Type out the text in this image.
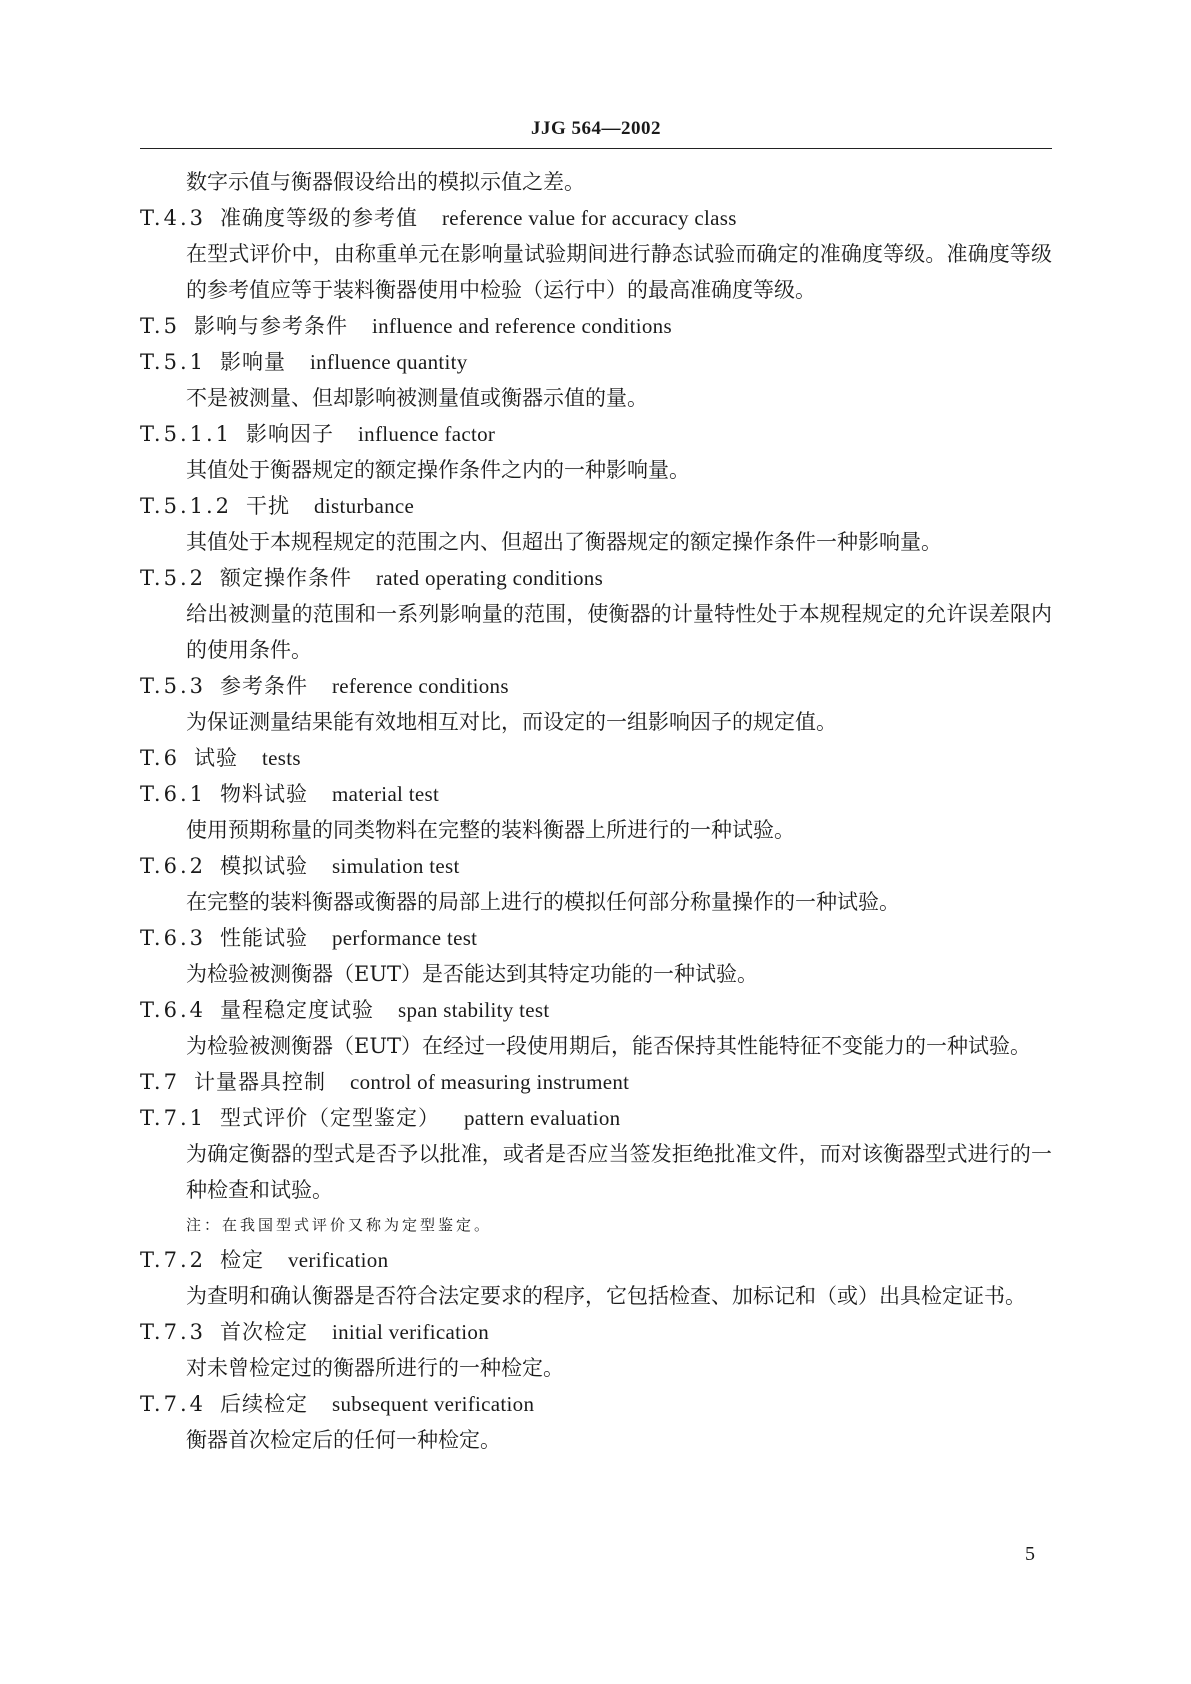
JJG 564—2002
数字示值与衡器假设给出的模拟示值之差。
T.4.3 准确度等级的参考值 reference value for accuracy class
在型式评价中，由称重单元在影响量试验期间进行静态试验而确定的准确度等级。准确度等级的参考值应等于装料衡器使用中检验（运行中）的最高准确度等级。
T.5 影响与参考条件 influence and reference conditions
T.5.1 影响量 influence quantity
不是被测量、但却影响被测量值或衡器示值的量。
T.5.1.1 影响因子 influence factor
其值处于衡器规定的额定操作条件之内的一种影响量。
T.5.1.2 干扰 disturbance
其值处于本规程规定的范围之内、但超出了衡器规定的额定操作条件一种影响量。
T.5.2 额定操作条件 rated operating conditions
给出被测量的范围和一系列影响量的范围，使衡器的计量特性处于本规程规定的允许误差限内的使用条件。
T.5.3 参考条件 reference conditions
为保证测量结果能有效地相互对比，而设定的一组影响因子的规定值。
T.6 试验 tests
T.6.1 物料试验 material test
使用预期称量的同类物料在完整的装料衡器上所进行的一种试验。
T.6.2 模拟试验 simulation test
在完整的装料衡器或衡器的局部上进行的模拟任何部分称量操作的一种试验。
T.6.3 性能试验 performance test
为检验被测衡器（EUT）是否能达到其特定功能的一种试验。
T.6.4 量程稳定度试验 span stability test
为检验被测衡器（EUT）在经过一段使用期后，能否保持其性能特征不变能力的一种试验。
T.7 计量器具控制 control of measuring instrument
T.7.1 型式评价（定型鉴定） pattern evaluation
为确定衡器的型式是否予以批准，或者是否应当签发拒绝批准文件，而对该衡器型式进行的一种检查和试验。
注：在我国型式评价又称为定型鉴定。
T.7.2 检定 verification
为查明和确认衡器是否符合法定要求的程序，它包括检查、加标记和（或）出具检定证书。
T.7.3 首次检定 initial verification
对未曾检定过的衡器所进行的一种检定。
T.7.4 后续检定 subsequent verification
衡器首次检定后的任何一种检定。
5
